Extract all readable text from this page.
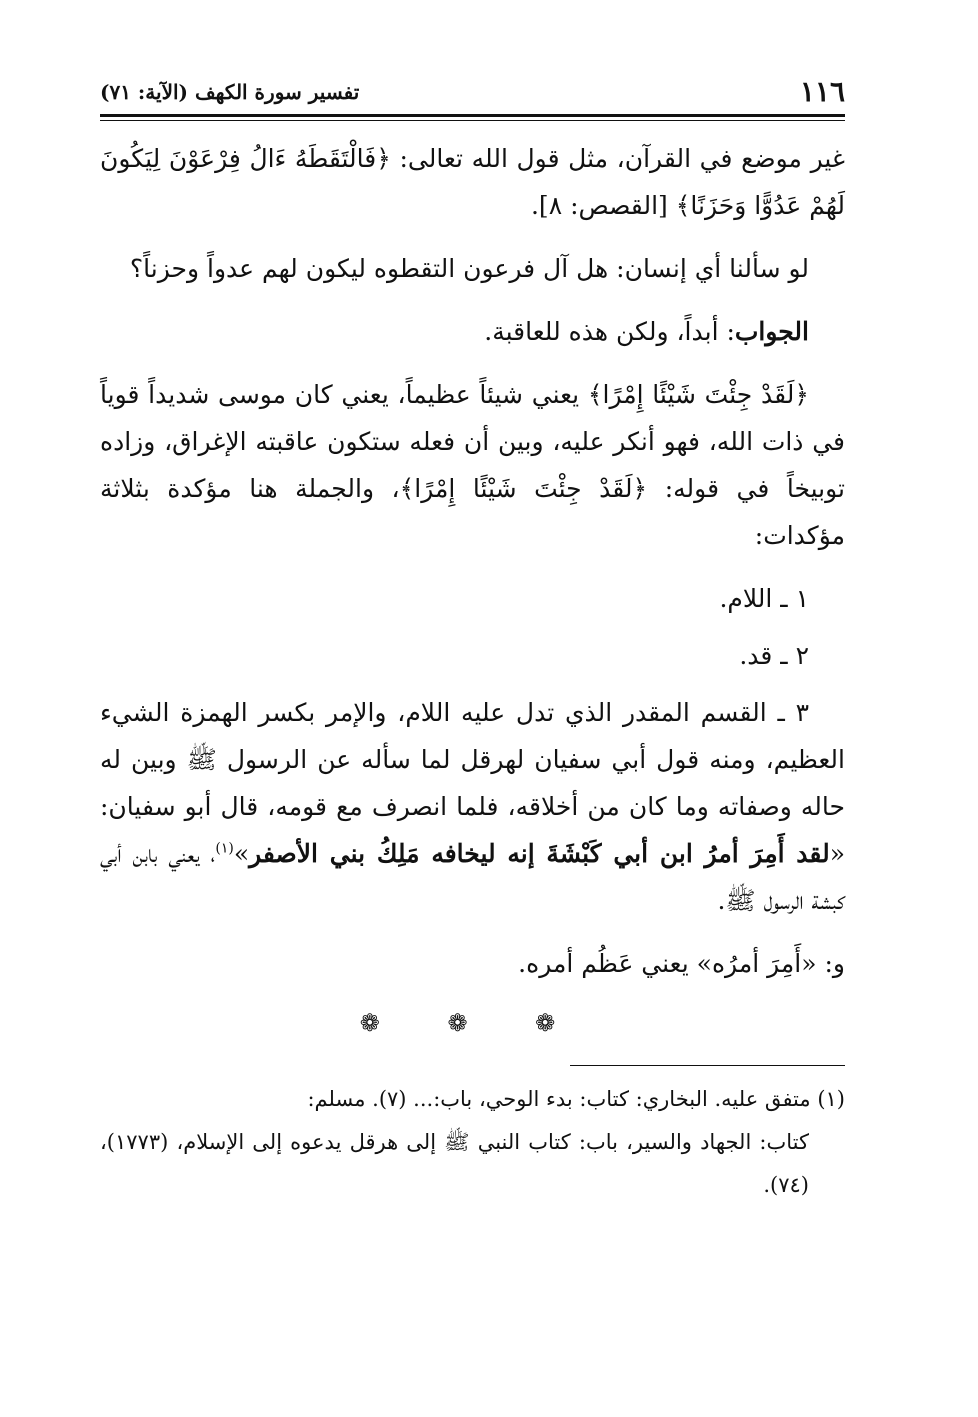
١١٦
تفسير سورة الكهف (الآية: ٧١)

غير موضع في القرآن، مثل قول الله تعالى: ﴿فَالْتَقَطَهُ ءَالُ فِرْعَوْنَ لِيَكُونَ لَهُمْ عَدُوًّا وَحَزَنًا﴾ [القصص: ٨].

لو سألنا أي إنسان: هل آل فرعون التقطوه ليكون لهم عدواً وحزناً؟

الجواب: أبداً، ولكن هذه للعاقبة.

﴿لَقَدْ جِئْتَ شَيْئًا إِمْرًا﴾ يعني شيئاً عظيماً، يعني كان موسى شديداً قوياً في ذات الله، فهو أنكر عليه، وبين أن فعله ستكون عاقبته الإغراق، وزاده توبيخاً في قوله: ﴿لَقَدْ جِئْتَ شَيْئًا إِمْرًا﴾، والجملة هنا مؤكدة بثلاثة مؤكدات:

١ ـ اللام.

٢ ـ قد.

٣ ـ القسم المقدر الذي تدل عليه اللام، والإمر بكسر الهمزة الشيء العظيم، ومنه قول أبي سفيان لهرقل لما سأله عن الرسول ﷺ وبين له حاله وصفاته وما كان من أخلاقه، فلما انصرف مع قومه، قال أبو سفيان: «لقد أَمِرَ أمرُ ابن أبي كَبْشَةَ إنه ليخافه مَلِكُ بني الأصفر»$^{(١)}$، يعني بابن أبي كبشة الرسول ﷺ.

و: «أَمِرَ أمرُه» يعني عَظُم أمره.

❁ ❁ ❁

(١) متفق عليه. البخاري: كتاب: بدء الوحي، باب:... (٧). مسلم:

كتاب: الجهاد والسير، باب: كتاب النبي ﷺ إلى هرقل يدعوه إلى الإسلام، (١٧٧٣)، (٧٤).
